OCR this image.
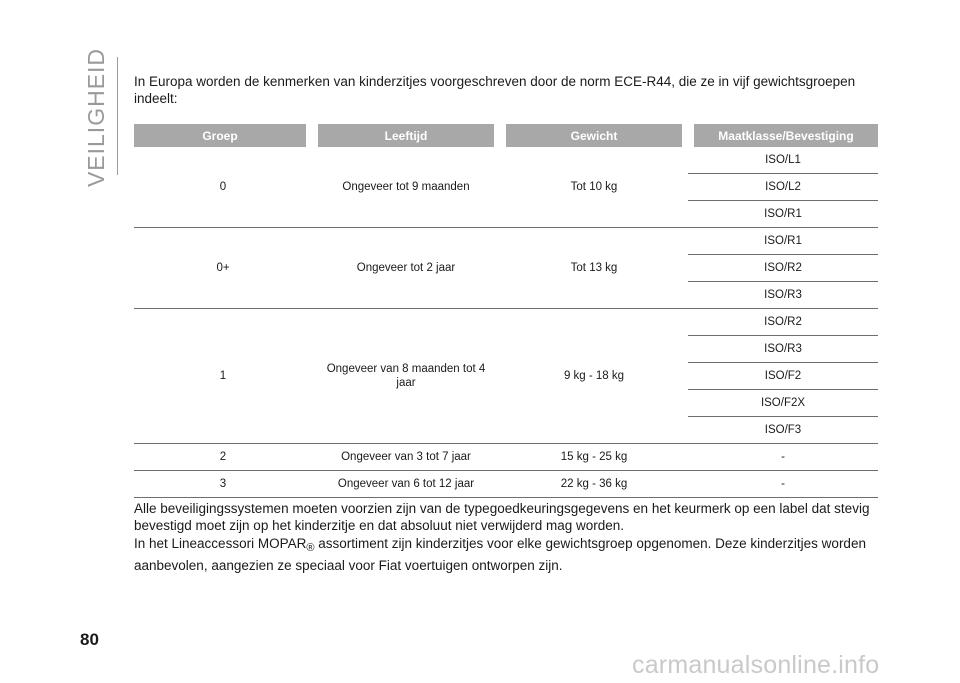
VEILIGHEID In Europa worden de kenmerken van kinderzitjes voorgeschreven door de norm ECE-R44, die ze in vijf gewichtsgroepen indeelt:

Groep	Leeftijd	Gewicht	Maatklasse/Bevestiging
0	Ongeveer tot 9 maanden	Tot 10 kg	ISO/L1
			ISO/L2
			ISO/R1
0+	Ongeveer tot 2 jaar	Tot 13 kg	ISO/R1
			ISO/R2
			ISO/R3
1	Ongeveer van 8 maanden tot 4 jaar	9 kg - 18 kg	ISO/R2
			ISO/R3
			ISO/F2
			ISO/F2X
			ISO/F3
2	Ongeveer van 3 tot 7 jaar	15 kg - 25 kg	-
3	Ongeveer van 6 tot 12 jaar	22 kg - 36 kg	-

Alle beveiligingssystemen moeten voorzien zijn van de typegoedkeuringsgegevens en het keurmerk op een label dat stevig bevestigd moet zijn op het kinderzitje en dat absoluut niet verwijderd mag worden.

In het Lineaccessori $MOPAR_®$ assortiment zijn kinderzitjes voor elke gewichtsgroep opgenomen. Deze kinderzitjes worden aanbevolen, aangezien ze speciaal voor Fiat voertuigen ontworpen zijn.

80
carmanualsonline.info
